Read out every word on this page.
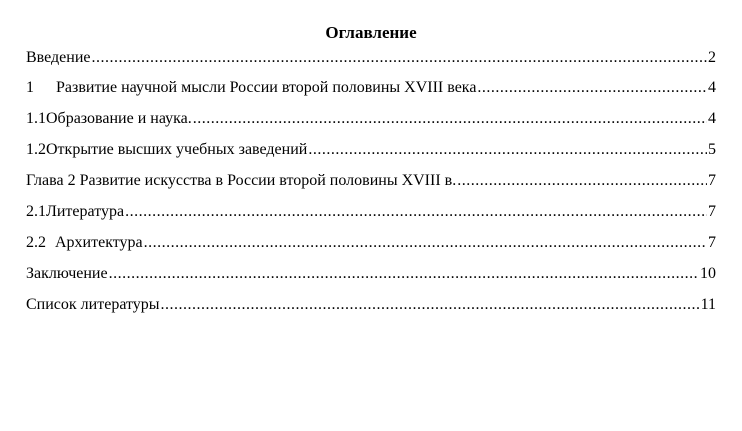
Оглавление
Введение .....	2
1 Развитие научной мысли России второй половины XVIII века .....	4
1.1 Образование и наука. .....	4
1.2 Открытие высших учебных заведений .....	5
Глава 2 Развитие искусства в России второй половины XVIII в. .....	7
2.1 Литература .....	7
2.2 Архитектура .....	7
Заключение .....	10
Список литературы .....	11
